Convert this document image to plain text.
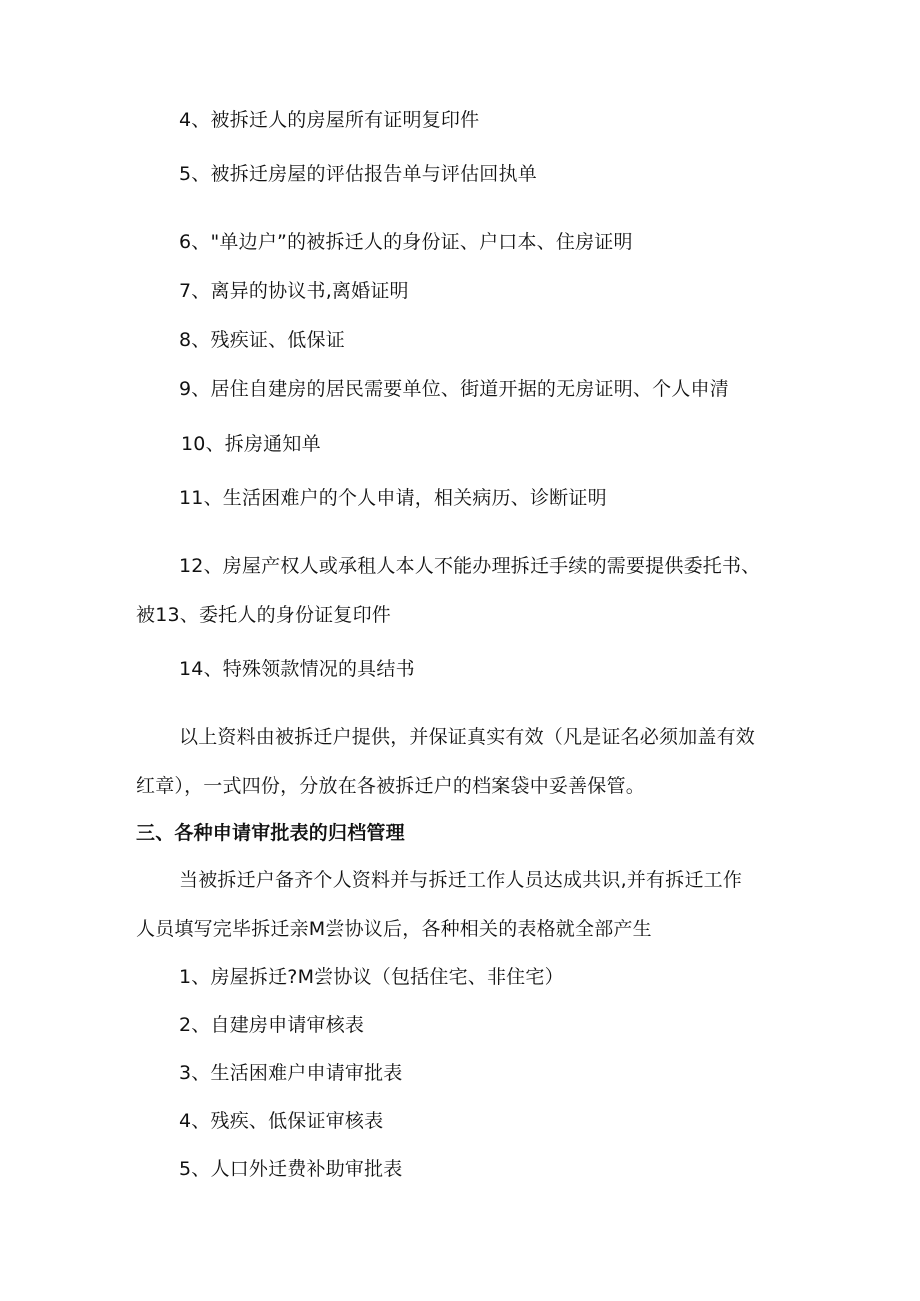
4、被拆迁人的房屋所有证明复印件
5、被拆迁房屋的评估报告单与评估回执单
6、"单边户”的被拆迁人的身份证、户口本、住房证明
7、离异的协议书,离婚证明
8、残疾证、低保证
9、居住自建房的居民需要单位、街道开据的无房证明、个人申清
10、拆房通知单
11、生活困难户的个人申请，相关病历、诊断证明
12、房屋产权人或承租人本人不能办理拆迁手续的需要提供委托书、
被13、委托人的身份证复印件
14、特殊领款情况的具结书
以上资料由被拆迁户提供，并保证真实有效（凡是证名必须加盖有效
红章），一式四份，分放在各被拆迁户的档案袋中妥善保管。
三、各种申请审批表的归档管理
当被拆迁户备齐个人资料并与拆迁工作人员达成共识,并有拆迁工作
人员填写完毕拆迁亲M尝协议后，各种相关的表格就全部产生
1、房屋拆迁?M尝协议（包括住宅、非住宅）
2、自建房申请审核表
3、生活困难户申请审批表
4、残疾、低保证审核表
5、人口外迁费补助审批表
